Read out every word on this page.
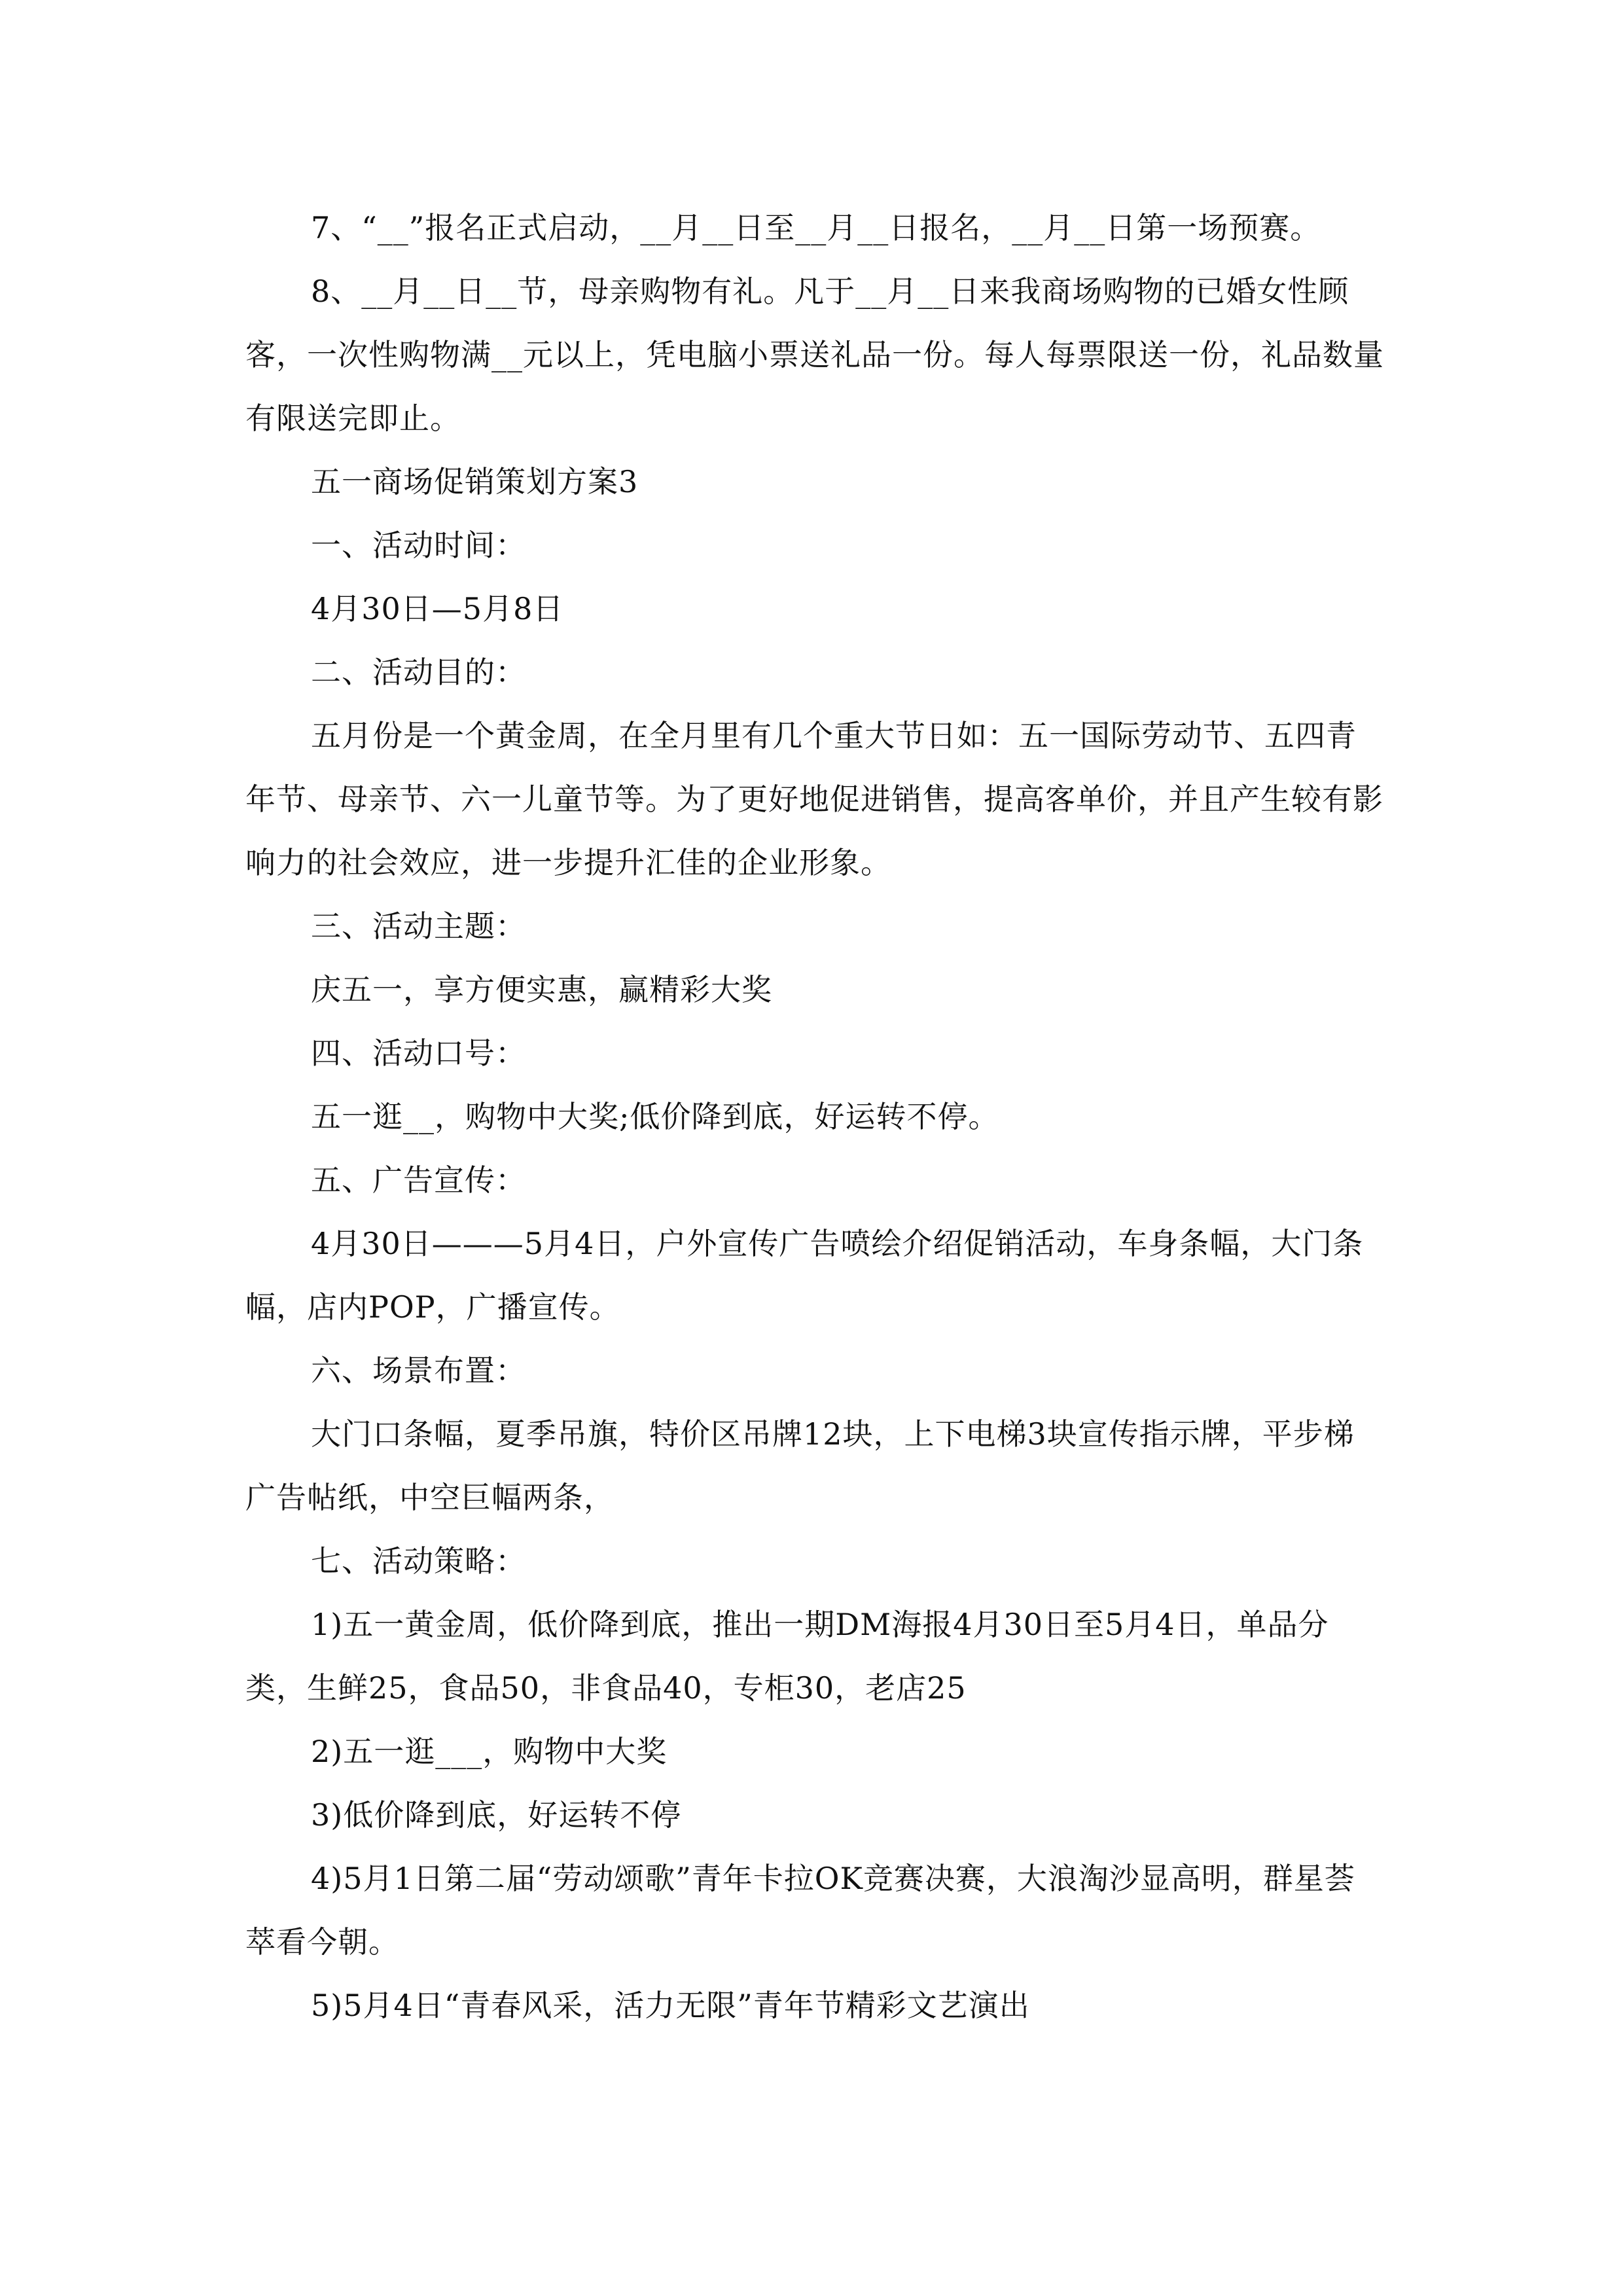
7、“__”报名正式启动，__月__日至__月__日报名，__月__日第一场预赛。

8、__月__日__节，母亲购物有礼。凡于__月__日来我商场购物的已婚女性顾客，一次性购物满__元以上，凭电脑小票送礼品一份。每人每票限送一份，礼品数量有限送完即止。

五一商场促销策划方案3

一、活动时间：

4月30日—5月8日

二、活动目的：

五月份是一个黄金周，在全月里有几个重大节日如：五一国际劳动节、五四青年节、母亲节、六一儿童节等。为了更好地促进销售，提高客单价，并且产生较有影响力的社会效应，进一步提升汇佳的企业形象。

三、活动主题：

庆五一，享方便实惠，赢精彩大奖

四、活动口号：

五一逛__，购物中大奖;低价降到底，好运转不停。

五、广告宣传：

4月30日———5月4日，户外宣传广告喷绘介绍促销活动，车身条幅，大门条幅，店内POP，广播宣传。

六、场景布置：

大门口条幅，夏季吊旗，特价区吊牌12块，上下电梯3块宣传指示牌，平步梯广告帖纸，中空巨幅两条，

七、活动策略：

1)五一黄金周，低价降到底，推出一期DM海报4月30日至5月4日，单品分类，生鲜25，食品50，非食品40，专柜30，老店25

2)五一逛___，购物中大奖

3)低价降到底，好运转不停

4)5月1日第二届“劳动颂歌”青年卡拉OK竞赛决赛，大浪淘沙显高明，群星荟萃看今朝。

5)5月4日“青春风采，活力无限”青年节精彩文艺演出
